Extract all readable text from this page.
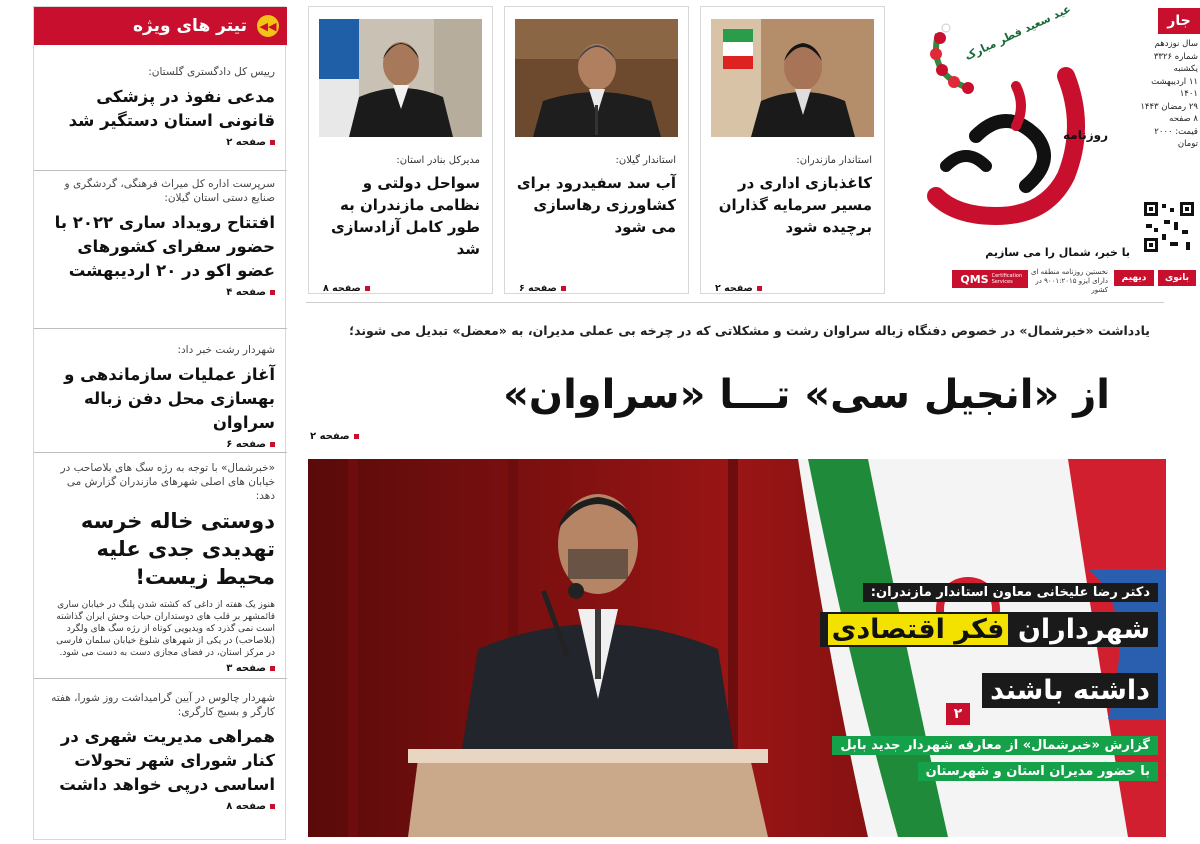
◀◀
تیتر های ویژه
رییس کل دادگستری گلستان:
مدعی نفوذ در پزشکی قانونی استان دستگیر شد
صفحه ۲
سرپرست اداره کل میراث فرهنگی، گردشگری و صنایع دستی استان گیلان:
افتتاح رویداد ساری ۲۰۲۲ با حضور سفرای کشورهای عضو اکو در ۲۰ اردیبهشت
صفحه ۴
شهردار رشت خبر داد:
آغاز عملیات سازماندهی و بهسازی محل دفن زباله سراوان
صفحه ۶
«خبرشمال» با توجه به رژه سگ های بلاصاحب در خیابان های اصلی شهرهای مازندران گزارش می دهد:
دوستی خاله خرسه تهدیدی جدی علیه محیط زیست!
هنوز یک هفته از داغی که کشته شدن پلنگ در خیابان ساری قائمشهر بر قلب های دوستداران حیات وحش ایران گذاشته است نمی گذرد که ویدیویی کوتاه از رژه سگ های ولگرد (بلاصاحب) در یکی از شهرهای شلوغ خیابان سلمان فارسی در مرکز استان، در فضای مجازی دست به دست می شود.
صفحه ۳
شهردار چالوس در آیین گرامیداشت روز شورا، هفته کارگر و بسیج کارگری:
همراهی مدیریت شهری در کنار شورای شهر تحولات اساسی درپی خواهد داشت
صفحه ۸
مدیرکل بنادر استان:
سواحل دولتی و نظامی مازندران به طور کامل آزادسازی شد
صفحه ۸
استاندار گیلان:
آب سد سفیدرود برای کشاورزی رهاسازی می شود
صفحه ۶
استاندار مازندران:
کاغذبازی اداری در مسیر سرمایه گذاران برچیده شود
صفحه ۲
جار
سال نوزدهم
شماره ۳۳۲۶
یکشنبه
۱۱ اردیبهشت ۱۴۰۱
۲۹ رمضان ۱۴۴۳
۸ صفحه
قیمت: ۲۰۰۰ تومان
عید سعید فطر مبارک
روزنامه
با خبر، شمال را می سازیم
بانوی
دیهیم
نخستین روزنامه منطقه ای دارای ایزو ۹۰۰۱:۲۰۱۵ در کشور
QMS Certification Services
یادداشت «خبرشمال» در خصوص دفنگاه زباله سراوان رشت و مشکلاتی که در چرخه بی عملی مدیران، به «معضل» تبدیل می شوند؛
از «انجیل سی» تـــا «سراوان»
صفحه ۲
دکتر رضا علیخانی معاون استاندار مازندران:
شهرداران فکر اقتصادی
داشته باشند
۲
گزارش «خبرشمال» از معارفه شهردار جدید بابل
با حضور مدیران استان و شهرستان
